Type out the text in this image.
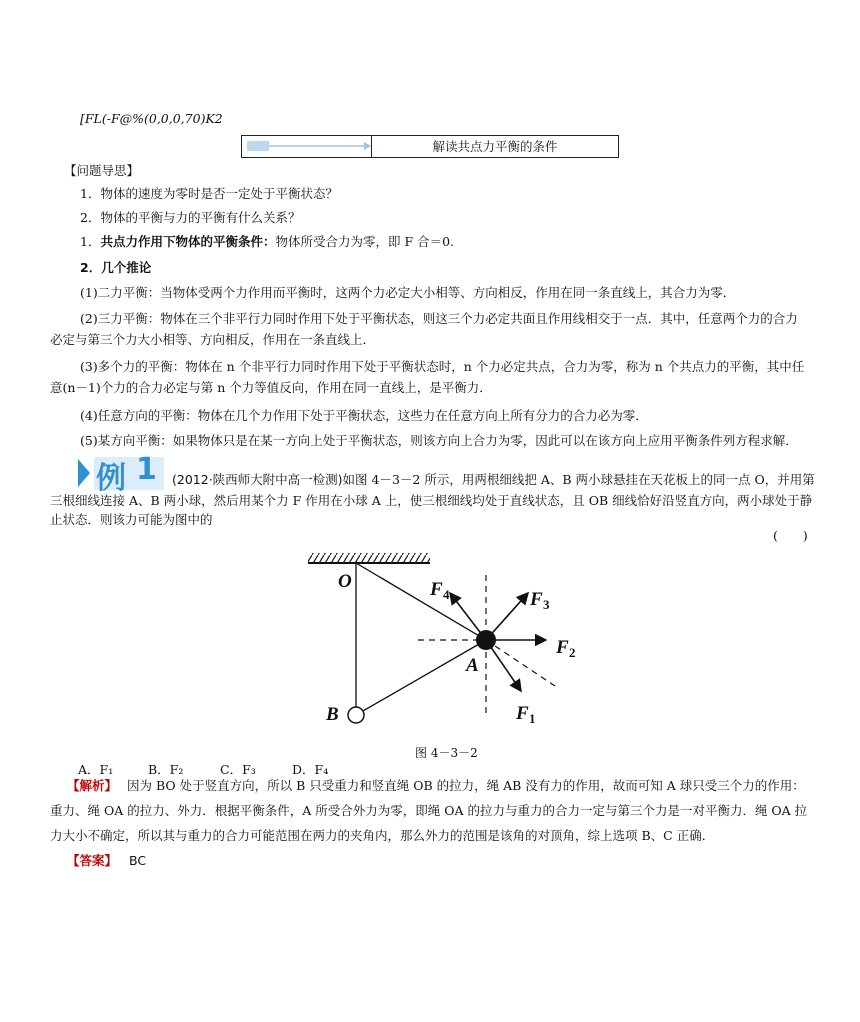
[FL(-F@%(0,0,0,70)K2
解读共点力平衡的条件
【问题导思】
1．物体的速度为零时是否一定处于平衡状态？
2．物体的平衡与力的平衡有什么关系？
1．共点力作用下物体的平衡条件：物体所受合力为零，即 F 合＝0.
2．几个推论
(1)二力平衡：当物体受两个力作用而平衡时，这两个力必定大小相等、方向相反，作用在同一条直线上，其合力为零．
(2)三力平衡：物体在三个非平行力同时作用下处于平衡状态，则这三个力必定共面且作用线相交于一点．其中，任意两个力的合力必定与第三个力大小相等、方向相反，作用在一条直线上．
(3)多个力的平衡：物体在 n 个非平行力同时作用下处于平衡状态时，n 个力必定共点，合力为零，称为 n 个共点力的平衡，其中任意(n－1)个力的合力必定与第 n 个力等值反向，作用在同一直线上，是平衡力．
(4)任意方向的平衡：物体在几个力作用下处于平衡状态，这些力在任意方向上所有分力的合力必为零．
(5)某方向平衡：如果物体只是在某一方向上处于平衡状态，则该方向上合力为零，因此可以在该方向上应用平衡条件列方程求解．
例 1 (2012·陕西师大附中高一检测)如图 4－3－2 所示，用两根细线把 A、B 两小球悬挂在天花板上的同一点 O，并用第
三根细线连接 A、B 两小球，然后用某个力 F 作用在小球 A 上，使三根细线均处于直线状态，且 OB 细线恰好沿竖直方向，两小球处于静
止状态．则该力可能为图中的
(　　)
O
A
B
F	F
F
F
4
3
2
1
图 4－3－2
A．F₁	B．F₂	C．F₃	D．F₄
【解析】 因为 BO 处于竖直方向，所以 B 只受重力和竖直绳 OB 的拉力，绳 AB 没有力的作用，故而可知 A 球只受三个力的作用：
重力、绳 OA 的拉力、外力．根据平衡条件，A 所受合外力为零，即绳 OA 的拉力与重力的合力一定与第三个力是一对平衡力．绳 OA 拉
力大小不确定，所以其与重力的合力可能范围在两力的夹角内，那么外力的范围是该角的对顶角，综上选项 B、C 正确．
【答案】 BC
